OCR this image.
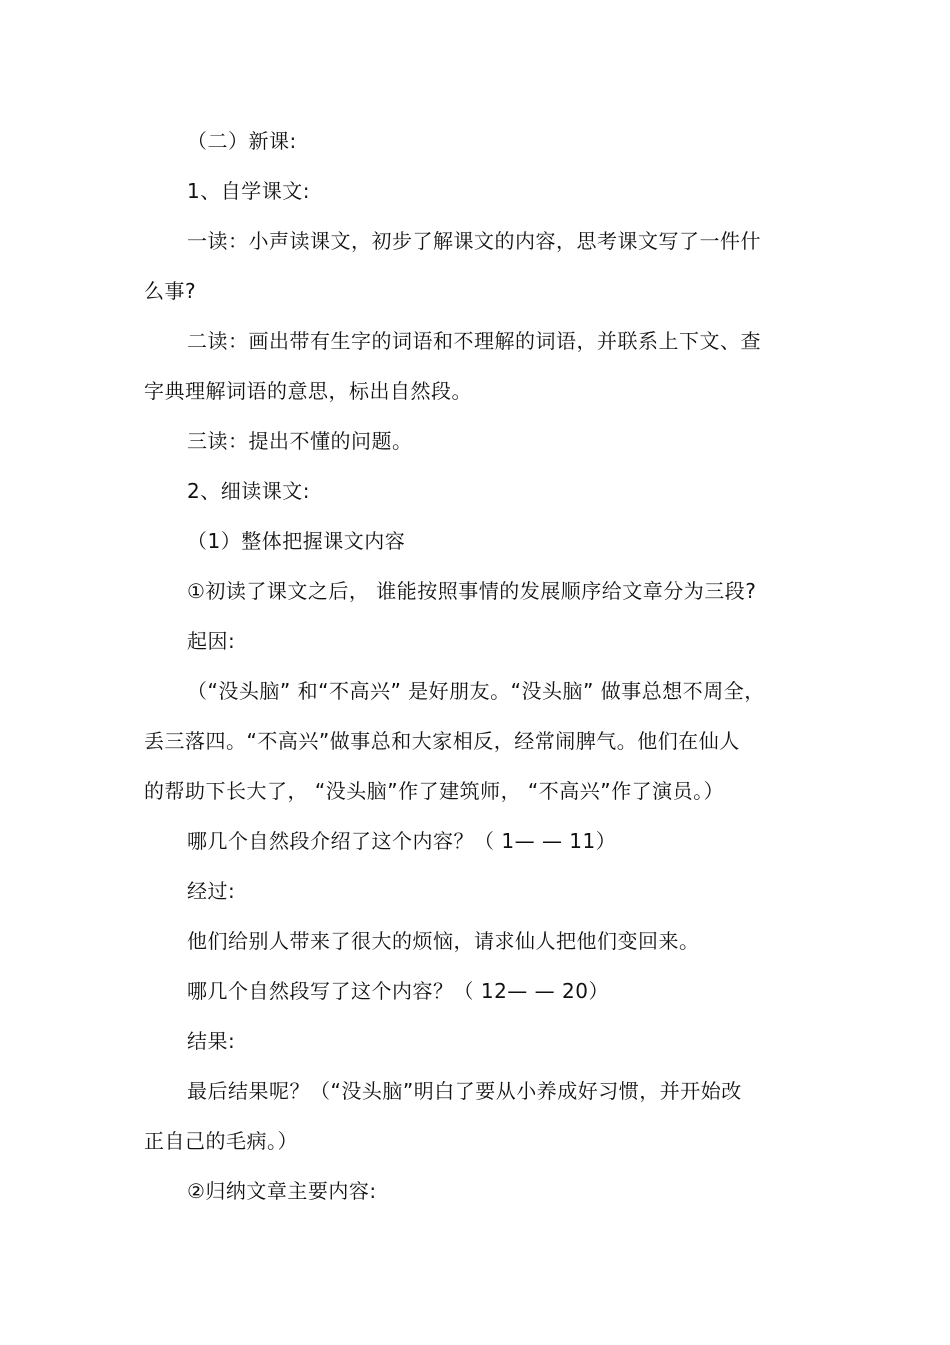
（二）新课:
1、自学课文:
一读：小声读课文，初步了解课文的内容，思考课文写了一件什
么事?
二读：画出带有生字的词语和不理解的词语，并联系上下文、查
字典理解词语的意思，标出自然段。
三读：提出不懂的问题。
2、细读课文:
（1）整体把握课文内容
①初读了课文之后， 谁能按照事情的发展顺序给文章分为三段?
起因:
（“没头脑” 和“不高兴” 是好朋友。“没头脑” 做事总想不周全，
丢三落四。“不高兴”做事总和大家相反，经常闹脾气。他们在仙人
的帮助下长大了， “没头脑”作了建筑师， “不高兴”作了演员。）
哪几个自然段介绍了这个内容？（ 1— — 11）
经过:
他们给别人带来了很大的烦恼，请求仙人把他们变回来。
哪几个自然段写了这个内容？（ 12— — 20）
结果:
最后结果呢？（“没头脑”明白了要从小养成好习惯，并开始改
正自己的毛病。）
②归纳文章主要内容:
